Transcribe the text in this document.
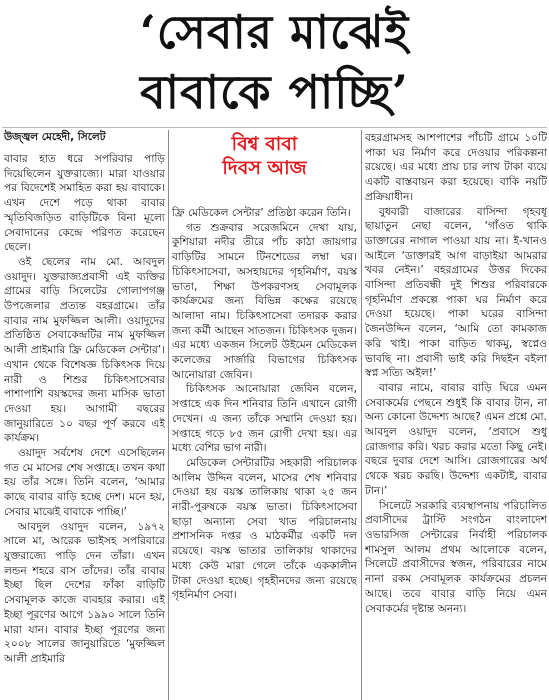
‘সেবার মাঝেই
বাবাকে পাচ্ছি’
উজ্জ্বল মেহেদী, সিলেট	বিশ্ব বাবা
দিবস আজ

বাবার হাত ধরে সপরিবার পাড়ি দিয়েছিলেন যুক্তরাজ্যে। মারা যাওয়ার পর বিদেশেই সমাহিত করা হয় বাবাকে। এখন দেশে পড়ে থাকা বাবার স্মৃতিবিজড়িত বাড়িটিকে বিনা মূল্যে সেবাদানের কেন্দ্রে পরিণত করেছেন ছেলে।

ওই ছেলের নাম মো. আবদুল ওয়াদুদ। যুক্তরাজ্যপ্রবাসী এই ব্যক্তির গ্রামের বাড়ি সিলেটের গোলাপগঞ্জ উপজেলার প্রত্যন্ত বহরগ্রামে। তাঁর বাবার নাম মুফজ্জিল আলী। ওয়াদুদের প্রতিষ্ঠিত সেবাকেন্দ্রটির নাম মুফজ্জিল আলী প্রাইমারি ফ্রি মেডিকেল সেন্টার’। এখান থেকে বিশেষজ্ঞ চিকিৎসক দিয়ে নারী ও শিশুর চিকিৎসাসেবার পাশাপাশি বয়স্কদের জন্য মাসিক ভাতা দেওয়া হয়। আগামী বছরের জানুয়ারিতে ১০ বছর পূর্ণ করবে এই কার্যক্রম।

ওয়াদুদ সর্বশেষ দেশে এসেছিলেন গত মে মাসের শেষ সপ্তাহে। তখন কথা হয় তাঁর সঙ্গে। তিনি বলেন, ‘আমার কাছে বাবার বাড়ি হচ্ছে দেশ। মনে হয়, সেবার মাঝেই বাবাকে পাচ্ছি।’

আবদুল ওয়াদুদ বলেন, ১৯৭২ সালে মা, আরেক ভাইসহ সপরিবারে যুক্তরাজ্যে পাড়ি দেন তাঁরা। এখন লন্ডন শহরে বাস তাঁদের। তাঁর বাবার ইচ্ছা ছিল দেশের ফাঁকা বাড়িটি সেবামূলক কাজে ব্যবহার করার। এই ইচ্ছা পূরণের আগে ১৯৯০ সালে তিনি মারা যান। বাবার ইচ্ছা পূরণের জন্য ২০০৮ সালের জানুয়ারিতে ‘মুফজ্জিল আলী প্রাইমারি

ফ্রি মেডিকেল সেন্টার’ প্রতিষ্ঠা করেন তিনি।

গত শুক্রবার সরেজমিনে দেখা যায়, কুশিয়ারা নদীর তীরে পাঁচ কাঠা জায়গার বাড়িটির সামনে টিনশেডের লম্বা ঘর। চিকিৎসাসেবা, অসহায়দের গৃহনির্মাণ, বয়স্ক ভাতা, শিক্ষা উপকরণসহ সেবামূলক কার্যক্রমের জন্য বিভিন্ন কক্ষের রয়েছে আলাদা নাম। চিকিৎসাসেবা তদারক করার জন্য কর্মী আছেন সাতজন। চিকিৎসক দুজন। এর মধ্যে একজন সিলেট উইমেন মেডিকেল কলেজের সার্জারি বিভাগের চিকিৎসক আনোয়ারা জেবিন।

চিকিৎসক আনোয়ারা জেবিন বলেন, সপ্তাহে এক দিন শনিবার তিনি এখানে রোগী দেখেন। এ জন্য তাঁকে সম্মানি দেওয়া হয়। সপ্তাহে গড়ে ৮৫ জন রোগী দেখা হয়। এর মধ্যে বেশির ভাগ নারী।

মেডিকেল সেন্টারটির সহকারী পরিচালক আলিম উদ্দিন বলেন, মাসের শেষ শনিবার দেওয়া হয় বয়স্ক তালিকায় থাকা ২৫ জন নারী-পুরুষকে বয়স্ক ভাতা। চিকিৎসাসেবা ছাড়া অন্যান্য সেবা খাত পরিচালনায় প্রশাসনিক দপ্তর ও মাঠকর্মীর একটি দল রয়েছে। বয়স্ক ভাতার তালিকায় থাকাদের মধ্যে কেউ মারা গেলে তাঁকে এককালীন টাকা দেওয়া হচ্ছে। গৃহহীনদের জন্য রয়েছে গৃহনির্মাণ সেবা।

বহরগ্রামসহ আশপাশের পাঁচটি গ্রামে ১০টি পাকা ঘর নির্মাণ করে দেওয়ার পরিকল্পনা রয়েছে। এর মধ্যে প্রায় চার লাখ টাকা ব্যয়ে একটি বাস্তবায়ন করা হয়েছে। বাকি নয়টি প্রক্রিয়াধীন।

বুধবারী বাজারের বাসিন্দা গৃহবধূ ছায়াতুন নেছা বলেন, ‘গাঁওত থাকি ডাক্তারের নাগাল পাওয়া যায় না। ই-খানও আইলে ‘ডাক্তারই আগ বাড়াইয়া আমরার খবর নেইন।’ বহরগ্রামের উত্তর দিকের বাসিন্দা প্রতিবন্ধী দুই শিশুর পরিবারকে গৃহনির্মাণ প্রকল্পে পাকা ঘর নির্মাণ করে দেওয়া হয়েছে। পাকা ঘরের বাসিন্দা জৈনউদ্দিন বলেন, ‘আমি তো কামকাজ করি খাই। পাকা বাড়িত থাকমু, স্বপ্নেও ভাবছি না। প্রবাসী ভাই করি দিছইন বইলা স্বপ্ন সত্যি অইল!’

বাবার নামে, বাবার বাড়ি ঘিরে এমন সেবাকর্মের পেছনে শুধুই কি বাবার টান, না অন্য কোনো উদ্দেশ্য আছে? এমন প্রশ্নে মো. আবদুল ওয়াদুদ বলেন, ‘প্রবাসে শুধু রোজগার করি। খরচ করার মতো কিছু নেই। বছরে দুবার দেশে আসি। রোজগারের অর্থ থেকে খরচ করছি। উদ্দেশ্য একটাই, বাবার টান।’

সিলেটে সরকারি ব্যবস্থাপনায় পরিচালিত প্রবাসীদের ট্রাস্টি সংগঠন বাংলাদেশ ওভারসিজ সেন্টারের নির্বাহী পরিচালক শামসুল আলম প্রথম আলোকে বলেন, সিলেটে প্রবাসীদের স্বজন, পরিবারের নামে নানা রকম সেবামূলক কার্যক্রমের প্রচলন আছে। তবে বাবার বাড়ি নিয়ে এমন সেবাকর্মের দৃষ্টান্ত অনন্য।
